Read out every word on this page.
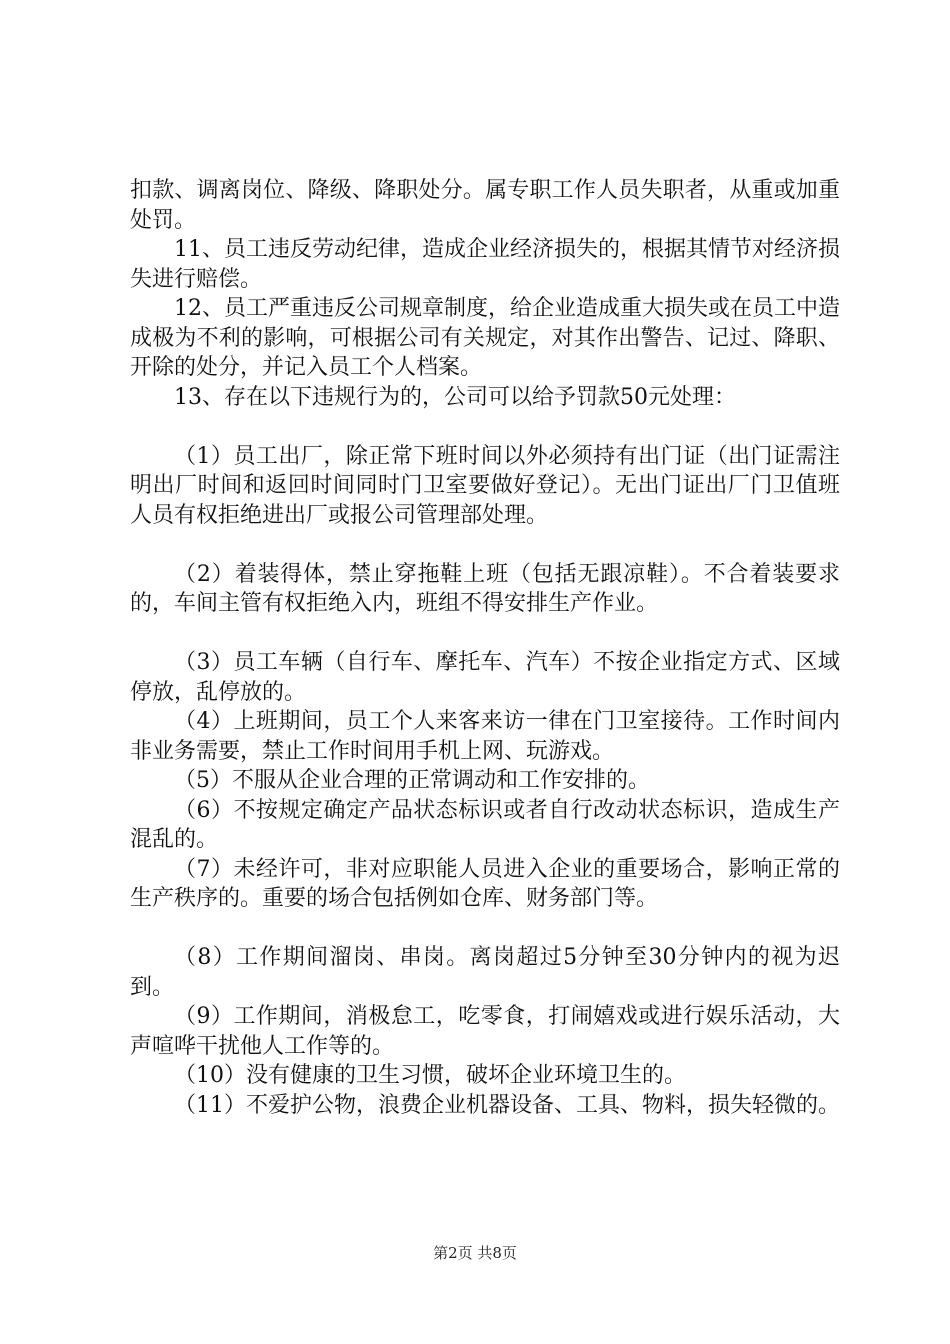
扣款、调离岗位、降级、降职处分。属专职工作人员失职者，从重或加重处罚。

11、员工违反劳动纪律，造成企业经济损失的，根据其情节对经济损失进行赔偿。

12、员工严重违反公司规章制度，给企业造成重大损失或在员工中造成极为不利的影响，可根据公司有关规定，对其作出警告、记过、降职、开除的处分，并记入员工个人档案。

13、存在以下违规行为的，公司可以给予罚款50元处理：

（1）员工出厂，除正常下班时间以外必须持有出门证（出门证需注明出厂时间和返回时间同时门卫室要做好登记）。无出门证出厂门卫值班人员有权拒绝进出厂或报公司管理部处理。

（2）着装得体，禁止穿拖鞋上班（包括无跟凉鞋）。不合着装要求的，车间主管有权拒绝入内，班组不得安排生产作业。

（3）员工车辆（自行车、摩托车、汽车）不按企业指定方式、区域停放，乱停放的。

（4）上班期间，员工个人来客来访一律在门卫室接待。工作时间内非业务需要，禁止工作时间用手机上网、玩游戏。

（5）不服从企业合理的正常调动和工作安排的。

（6）不按规定确定产品状态标识或者自行改动状态标识，造成生产混乱的。

（7）未经许可，非对应职能人员进入企业的重要场合，影响正常的生产秩序的。重要的场合包括例如仓库、财务部门等。

（8）工作期间溜岗、串岗。离岗超过5分钟至30分钟内的视为迟到。

（9）工作期间，消极怠工，吃零食，打闹嬉戏或进行娱乐活动，大声喧哗干扰他人工作等的。

（10）没有健康的卫生习惯，破坏企业环境卫生的。

（11）不爱护公物，浪费企业机器设备、工具、物料，损失轻微的。

第2页 共8页
